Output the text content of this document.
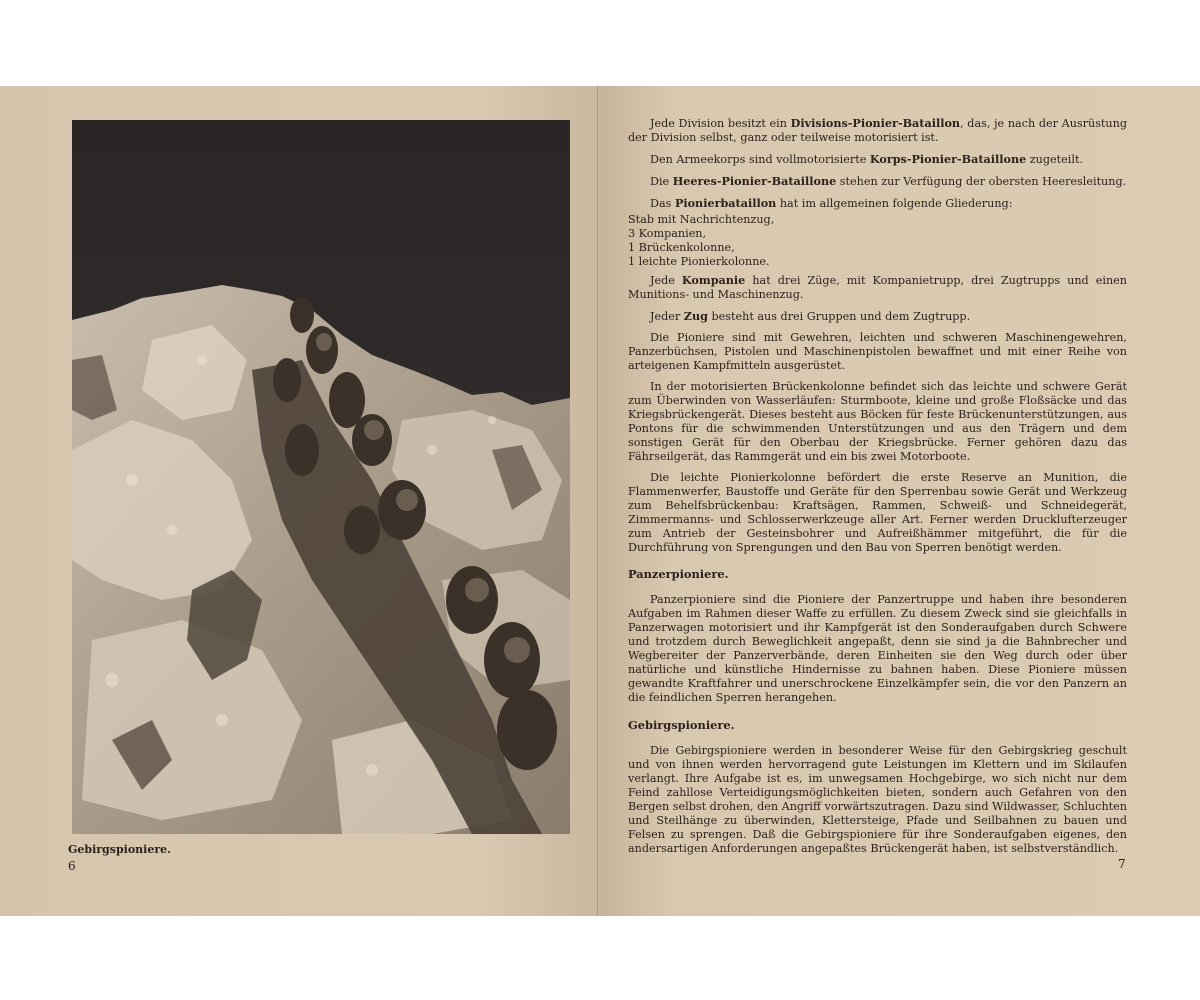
Gebirgspioniere.
6

Jede Division besitzt ein Divisions-Pionier-Bataillon, das, je nach der Ausrüstung der Division selbst, ganz oder teilweise motorisiert ist.

Den Armeekorps sind vollmotorisierte Korps-Pionier-Bataillone zugeteilt.

Die Heeres-Pionier-Bataillone stehen zur Verfügung der obersten Heeresleitung.

Das Pionierbataillon hat im allgemeinen folgende Gliederung:

Stab mit Nachrichtenzug,
3 Kompanien,
1 Brückenkolonne,
1 leichte Pionierkolonne.

Jede Kompanie hat drei Züge, mit Kompanietrupp, drei Zugtrupps und einen Munitions- und Maschinenzug.

Jeder Zug besteht aus drei Gruppen und dem Zugtrupp.

Die Pioniere sind mit Gewehren, leichten und schweren Maschinengewehren, Panzerbüchsen, Pistolen und Maschinenpistolen bewaffnet und mit einer Reihe von arteigenen Kampfmitteln ausgerüstet.

In der motorisierten Brückenkolonne befindet sich das leichte und schwere Gerät zum Überwinden von Wasserläufen: Sturmboote, kleine und große Floßsäcke und das Kriegsbrückengerät. Dieses besteht aus Böcken für feste Brückenunterstützungen, aus Pontons für die schwimmenden Unterstützungen und aus den Trägern und dem sonstigen Gerät für den Oberbau der Kriegsbrücke. Ferner gehören dazu das Fährseilgerät, das Rammgerät und ein bis zwei Motorboote.

Die leichte Pionierkolonne befördert die erste Reserve an Munition, die Flammenwerfer, Baustoffe und Geräte für den Sperrenbau sowie Gerät und Werkzeug zum Behelfsbrückenbau: Kraftsägen, Rammen, Schweiß- und Schneidegerät, Zimmermanns- und Schlosserwerkzeuge aller Art. Ferner werden Drucklufterzeuger zum Antrieb der Gesteinsbohrer und Aufreißhämmer mitgeführt, die für die Durchführung von Sprengungen und den Bau von Sperren benötigt werden.

Panzerpioniere.

Panzerpioniere sind die Pioniere der Panzertruppe und haben ihre besonderen Aufgaben im Rahmen dieser Waffe zu erfüllen. Zu diesem Zweck sind sie gleichfalls in Panzerwagen motorisiert und ihr Kampfgerät ist den Sonderaufgaben durch Schwere und trotzdem durch Beweglichkeit angepaßt, denn sie sind ja die Bahnbrecher und Wegbereiter der Panzerverbände, deren Einheiten sie den Weg durch oder über natürliche und künstliche Hindernisse zu bahnen haben. Diese Pioniere müssen gewandte Kraftfahrer und unerschrockene Einzelkämpfer sein, die vor den Panzern an die feindlichen Sperren herangehen.

Gebirgspioniere.

Die Gebirgspioniere werden in besonderer Weise für den Gebirgskrieg geschult und von ihnen werden hervorragend gute Leistungen im Klettern und im Skilaufen verlangt. Ihre Aufgabe ist es, im unwegsamen Hochgebirge, wo sich nicht nur dem Feind zahllose Verteidigungsmöglichkeiten bieten, sondern auch Gefahren von den Bergen selbst drohen, den Angriff vorwärtszutragen. Dazu sind Wildwasser, Schluchten und Steilhänge zu überwinden, Klettersteige, Pfade und Seilbahnen zu bauen und Felsen zu sprengen. Daß die Gebirgspioniere für ihre Sonderaufgaben eigenes, den andersartigen Anforderungen angepaßtes Brückengerät haben, ist selbstverständlich.

7
